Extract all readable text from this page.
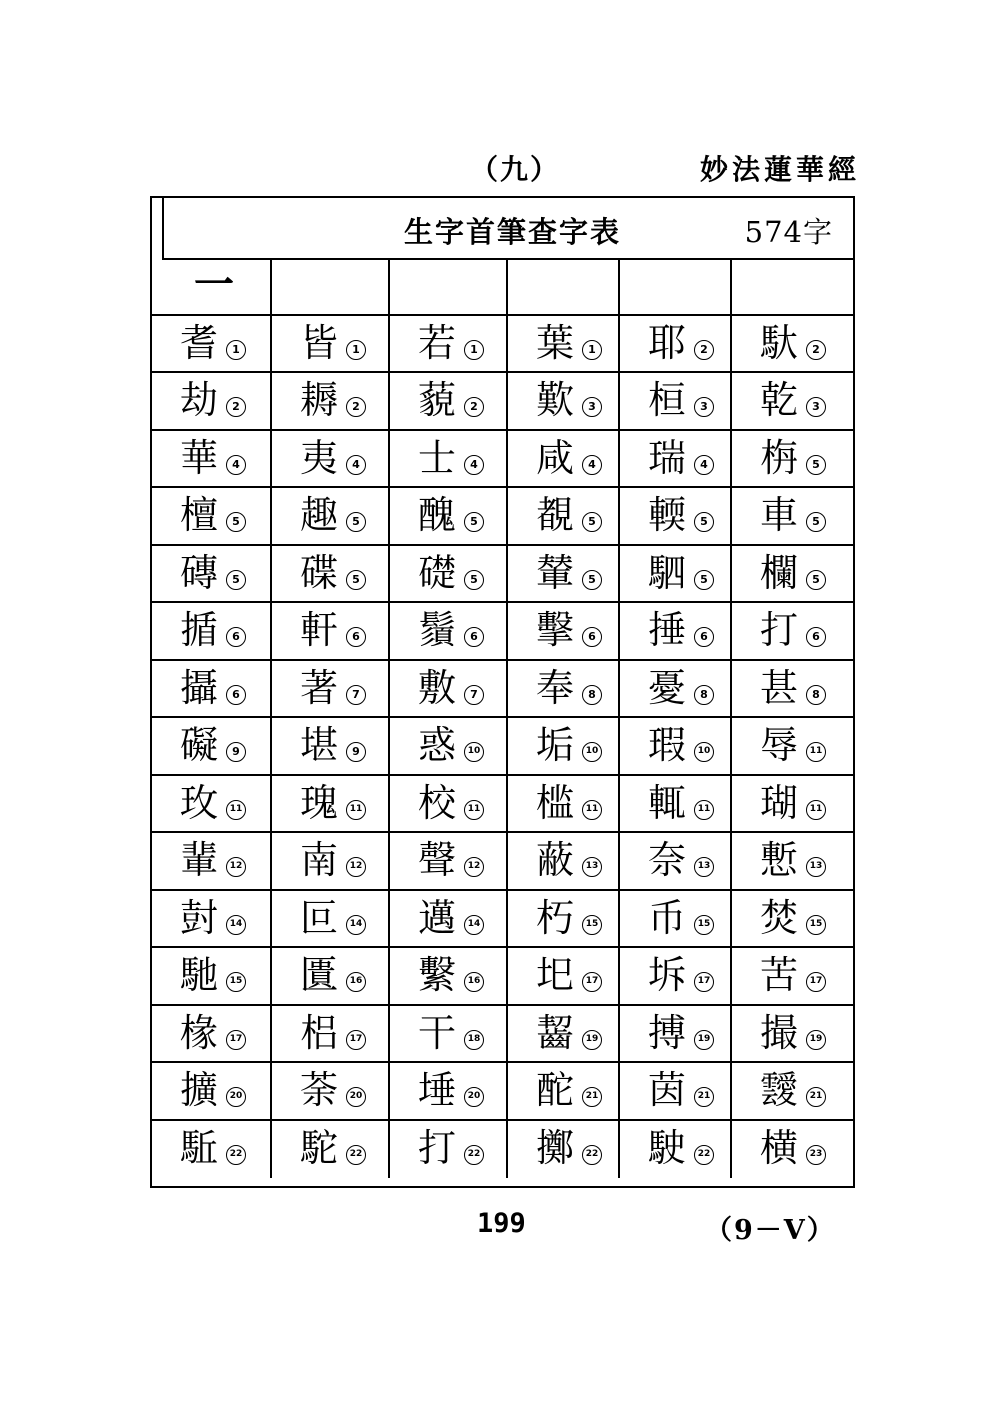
（九）	妙法蓮華經
生字首筆查字表	574字
一
耆	1 皆	1 若	1 葉	1 耶	2 馱	2
劫	2 耨	2 藐	2 歎	3 桓	3 乾	3
華	4 夷	4 士	4 咸	4 瑞	4 栴	5
檀	5 趣	5 醜	5 覩	5 輭	5 車	5
磚	5 碟	5 礎	5 輦	5 駟	5 欄	5
揗	6 軒	6 鬚	6 擊	6 捶	6 打	6
攝	6 著	7 敷	7 奉	8 憂	8 甚	8
礙	9 堪	9 惑	10 垢	10 瑕	10 辱	11
玫	11 瑰	11 校	11 槛	11 輒	11 瑚	11
輩	12 南	12 聲	12 蔽	13 奈	13 慙	13
尌	14 叵	14 邁	14 朽	15 币	15 焚	15
馳	15 匱	16 繫	16 圯	17 坼	17 苦	17
椽	17 梠	17 干	18 齧	19 搏	19 撮	19
擴	20 荼	20 埵	20 酡	21 茵	21 靉	21
駈	22 駝	22 打	22 擲	22 駛	22 横	23
199	（9－V）
